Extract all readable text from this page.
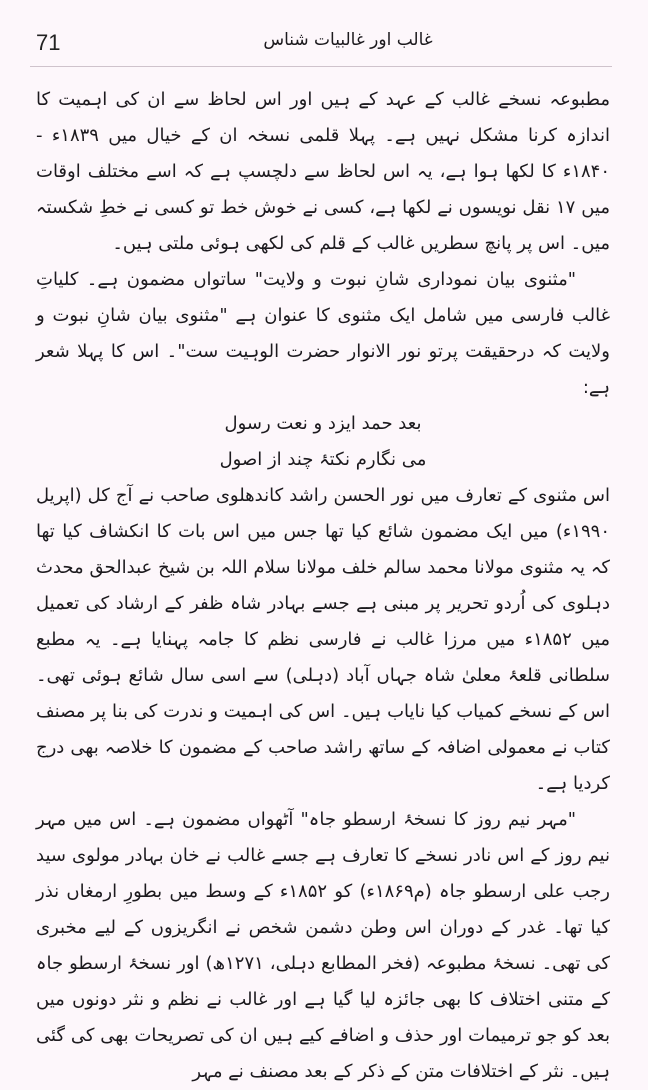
71	غالب اور غالبیات شناس

مطبوعہ نسخے غالب کے عہد کے ہیں اور اس لحاظ سے ان کی اہمیت کا اندازہ کرنا مشکل نہیں ہے۔ پہلا قلمی نسخہ ان کے خیال میں ۱۸۳۹ء - ۱۸۴۰ء کا لکھا ہوا ہے، یہ اس لحاظ سے دلچسپ ہے کہ اسے مختلف اوقات میں ۱۷ نقل نویسوں نے لکھا ہے، کسی نے خوش خط تو کسی نے خطِ شکستہ میں۔ اس پر پانچ سطریں غالب کے قلم کی لکھی ہوئی ملتی ہیں۔

"مثنوی بیان نموداری شانِ نبوت و ولایت" ساتواں مضمون ہے۔ کلیاتِ غالب فارسی میں شامل ایک مثنوی کا عنوان ہے "مثنوی بیان شانِ نبوت و ولایت کہ درحقیقت پرتو نور الانوار حضرت الوہیت ست"۔ اس کا پہلا شعر ہے:

بعد حمد ایزد و نعت رسول

می نگارم نکتۂ چند از اصول

اس مثنوی کے تعارف میں نور الحسن راشد کاندھلوی صاحب نے آج کل (اپریل ۱۹۹۰ء) میں ایک مضمون شائع کیا تھا جس میں اس بات کا انکشاف کیا تھا کہ یہ مثنوی مولانا محمد سالم خلف مولانا سلام اللہ بن شیخ عبدالحق محدث دہلوی کی اُردو تحریر پر مبنی ہے جسے بہادر شاہ ظفر کے ارشاد کی تعمیل میں ۱۸۵۲ء میں مرزا غالب نے فارسی نظم کا جامہ پہنایا ہے۔ یہ مطبع سلطانی قلعۂ معلیٰ شاہ جہاں آباد (دہلی) سے اسی سال شائع ہوئی تھی۔ اس کے نسخے کمیاب کیا نایاب ہیں۔ اس کی اہمیت و ندرت کی بنا پر مصنف کتاب نے معمولی اضافہ کے ساتھ راشد صاحب کے مضمون کا خلاصہ بھی درج کردیا ہے۔

"مہر نیم روز کا نسخۂ ارسطو جاہ" آٹھواں مضمون ہے۔ اس میں مہر نیم روز کے اس نادر نسخے کا تعارف ہے جسے غالب نے خان بہادر مولوی سید رجب علی ارسطو جاہ (م۱۸۶۹ء) کو ۱۸۵۲ء کے وسط میں بطورِ ارمغاں نذر کیا تھا۔ غدر کے دوران اس وطن دشمن شخص نے انگریزوں کے لیے مخبری کی تھی۔ نسخۂ مطبوعہ (فخر المطابع دہلی، ۱۲۷۱ھ) اور نسخۂ ارسطو جاہ کے متنی اختلاف کا بھی جائزہ لیا گیا ہے اور غالب نے نظم و نثر دونوں میں بعد کو جو ترمیمات اور حذف و اضافے کیے ہیں ان کی تصریحات بھی کی گئی ہیں۔ نثر کے اختلافات متن کے ذکر کے بعد مصنف نے مہر
